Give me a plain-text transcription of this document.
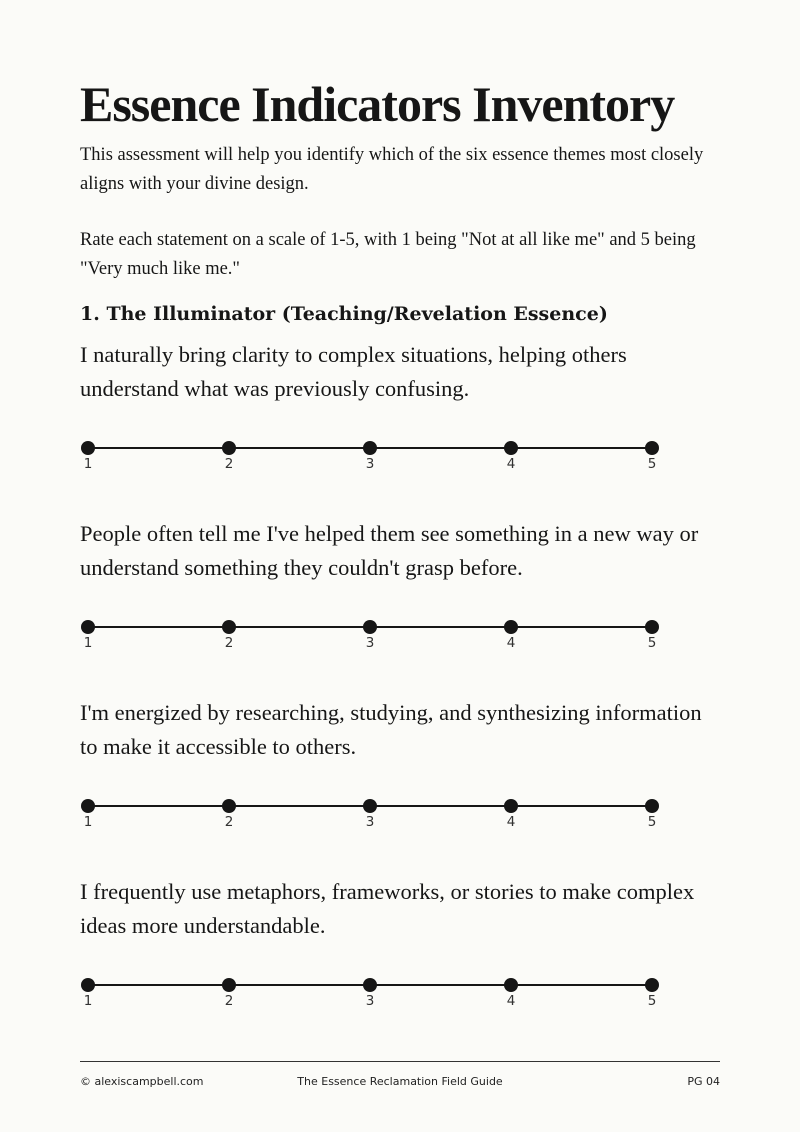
Essence Indicators Inventory
This assessment will help you identify which of the six essence themes most closely aligns with your divine design.
Rate each statement on a scale of 1-5, with 1 being "Not at all like me" and 5 being "Very much like me."
1. The Illuminator (Teaching/Revelation Essence)
I naturally bring clarity to complex situations, helping others understand what was previously confusing.
1	2	3	4	5
People often tell me I've helped them see something in a new way or understand something they couldn't grasp before.
1	2	3	4	5
I'm energized by researching, studying, and synthesizing information to make it accessible to others.
1	2	3	4	5
I frequently use metaphors, frameworks, or stories to make complex ideas more understandable.
1	2	3	4	5
© alexiscampbell.com	The Essence Reclamation Field Guide	PG 04
